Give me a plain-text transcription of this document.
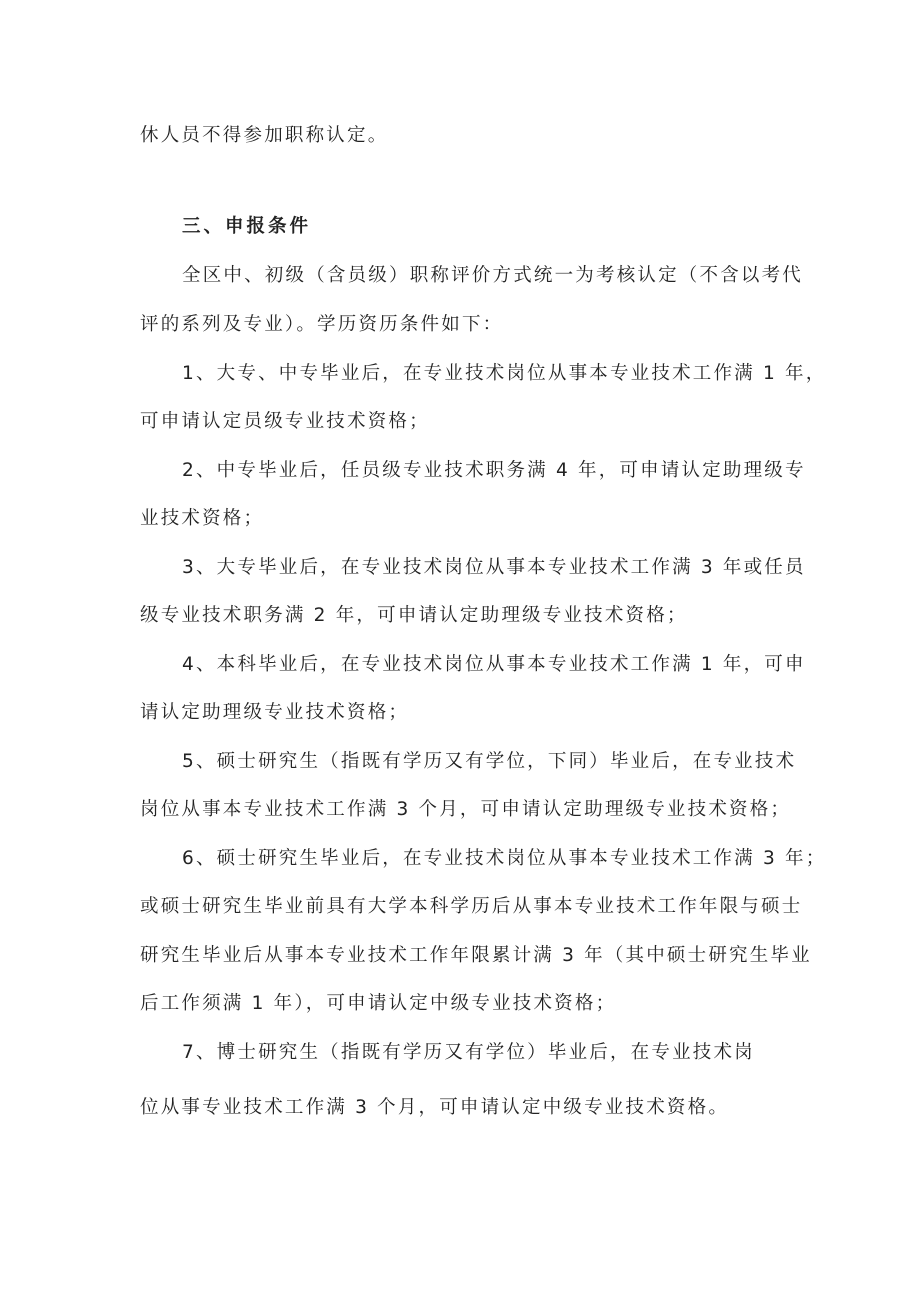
休人员不得参加职称认定。
三、申报条件
全区中、初级（含员级）职称评价方式统一为考核认定（不含以考代
评的系列及专业）。学历资历条件如下：
1、大专、中专毕业后，在专业技术岗位从事本专业技术工作满 1 年，
可申请认定员级专业技术资格；
2、中专毕业后，任员级专业技术职务满 4 年，可申请认定助理级专
业技术资格；
3、大专毕业后，在专业技术岗位从事本专业技术工作满 3 年或任员
级专业技术职务满 2 年，可申请认定助理级专业技术资格；
4、本科毕业后，在专业技术岗位从事本专业技术工作满 1 年，可申
请认定助理级专业技术资格；
5、硕士研究生（指既有学历又有学位，下同）毕业后，在专业技术
岗位从事本专业技术工作满 3 个月，可申请认定助理级专业技术资格；
6、硕士研究生毕业后，在专业技术岗位从事本专业技术工作满 3 年；
或硕士研究生毕业前具有大学本科学历后从事本专业技术工作年限与硕士
研究生毕业后从事本专业技术工作年限累计满 3 年（其中硕士研究生毕业
后工作须满 1 年），可申请认定中级专业技术资格；
7、博士研究生（指既有学历又有学位）毕业后，在专业技术岗
位从事专业技术工作满 3 个月，可申请认定中级专业技术资格。
